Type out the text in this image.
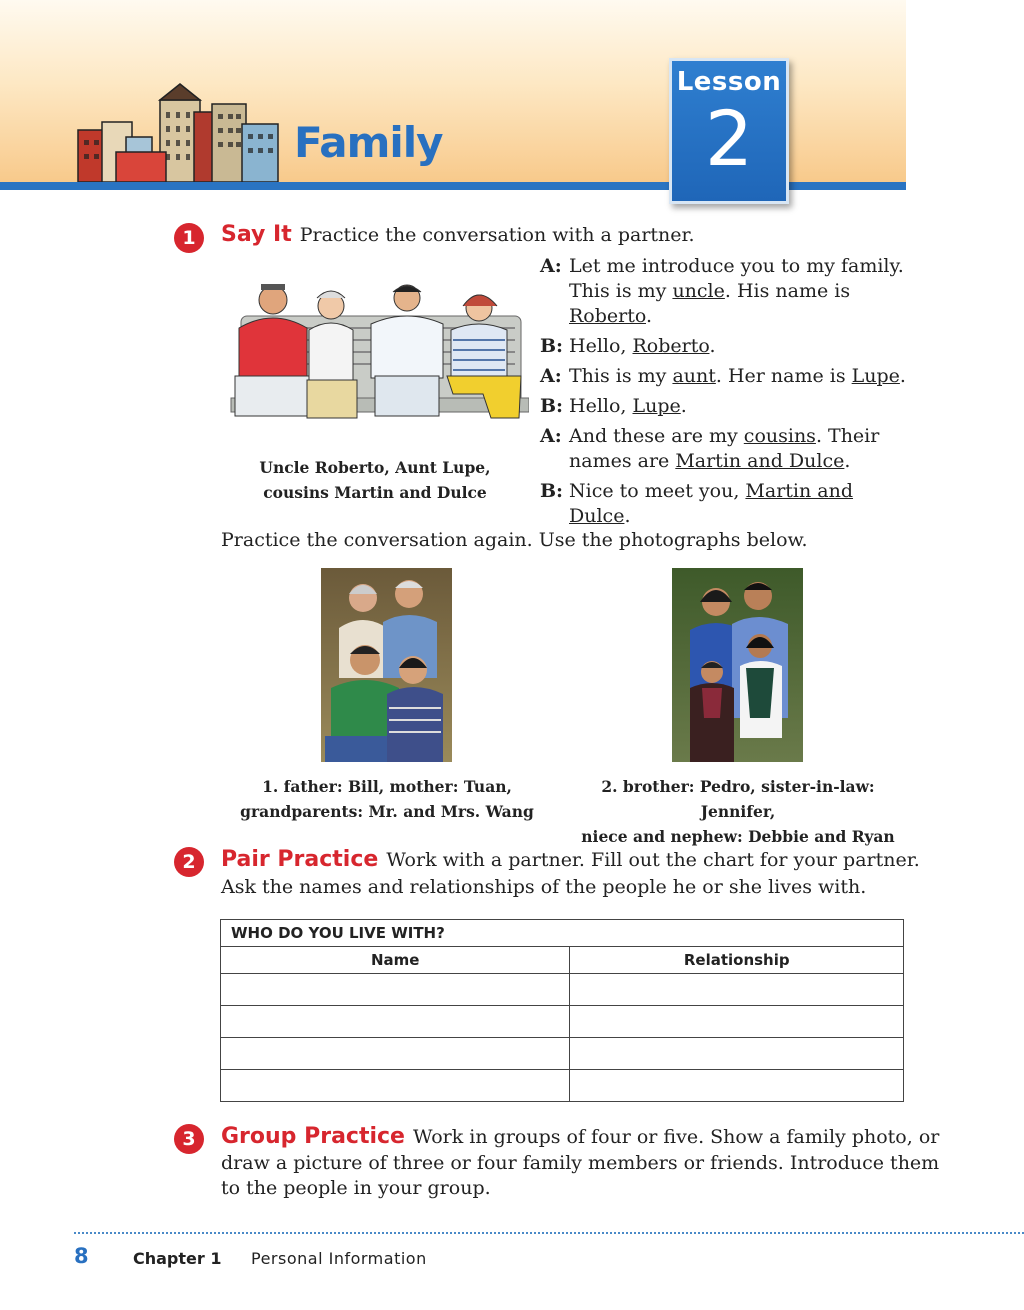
Family
Lesson
2
1	Say It Practice the conversation with a partner.
Uncle Roberto, Aunt Lupe,
cousins Martin and Dulce
A: Let me introduce you to my family. This is my uncle. His name is Roberto.
B: Hello, Roberto.
A: This is my aunt. Her name is Lupe.
B: Hello, Lupe.
A: And these are my cousins. Their names are Martin and Dulce.
B: Nice to meet you, Martin and Dulce.
Practice the conversation again. Use the photographs below.
1. father: Bill, mother: Tuan,
grandparents: Mr. and Mrs. Wang
2. brother: Pedro, sister-in-law: Jennifer,
niece and nephew: Debbie and Ryan
2	Pair Practice Work with a partner. Fill out the chart for your partner.
Ask the names and relationships of the people he or she lives with.
WHO DO YOU LIVE WITH?
Name	Relationship
3	Group Practice Work in groups of four or five. Show a family photo, or
draw a picture of three or four family members or friends. Introduce them
to the people in your group.
8	Chapter 1 Personal Information
